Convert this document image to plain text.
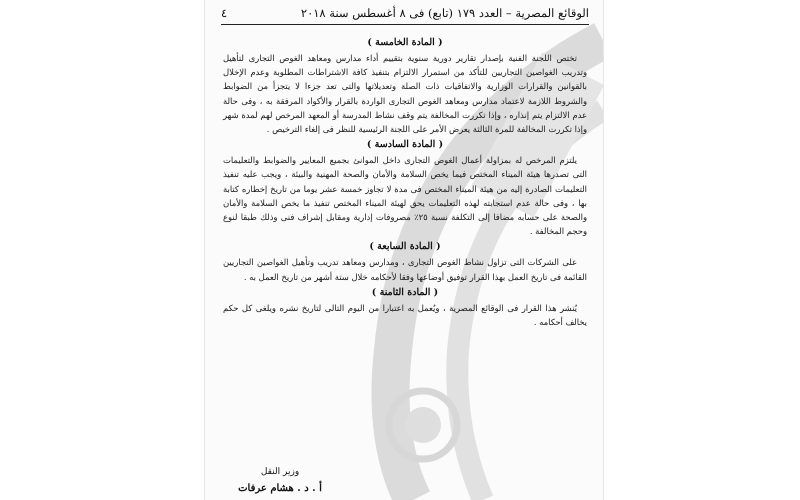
الوقائع المصرية – العدد ١٧٩ (تابع) فى ٨ أغسطس سنة ٢٠١٨
٤
( المادة الخامسة )

تختص اللجنة الفنية بإصدار تقارير دورية سنوية بتقييم أداء مدارس ومعاهد الغوص التجارى لتأهيل وتدريب الغواصين التجاريين للتأكد من استمرار الالتزام بتنفيذ كافة الاشتراطات المطلوبة وعدم الإخلال بالقوانين والقرارات الوزارية والاتفاقيات ذات الصلة وتعديلاتها والتى تعد جزءا لا يتجزأ من الضوابط والشروط اللازمة لاعتماد مدارس ومعاهد الغوص التجارى الواردة بالقرار والأكواد المرفقة به ، وفى حالة عدم الالتزام يتم إنذاره ، وإذا تكررت المخالفة يتم وقف نشاط المدرسة أو المعهد المرخص لهم لمدة شهر وإذا تكررت المخالفة للمرة الثالثة يعرض الأمر على اللجنة الرئيسية للنظر فى إلغاء الترخيص .

( المادة السادسة )

يلتزم المرخص له بمزاولة أعمال الغوص التجارى داخل الموانئ بجميع المعايير والضوابط والتعليمات التى تصدرها هيئة الميناء المختص فيما يخص السلامة والأمان والصحة المهنية والبيئة ، ويجب عليه تنفيذ التعليمات الصادرة إليه من هيئة الميناء المختص فى مدة لا تجاوز خمسة عشر يوما من تاريخ إخطاره كتابة بها ، وفى حالة عدم استجابته لهذه التعليمات يحق لهيئة الميناء المختص تنفيذ ما يخص السلامة والأمان والصحة على حسابه مضافا إلى التكلفة نسبة ٢٥٪ مصروفات إدارية ومقابل إشراف فنى وذلك طبقا لنوع وحجم المخالفة .

( المادة السابعة )

على الشركات التى تزاول نشاط الغوص التجارى ، ومدارس ومعاهد تدريب وتأهيل الغواصين التجاريين القائمة فى تاريخ العمل بهذا القرار توفيق أوضاعها وفقا لأحكامه خلال ستة أشهر من تاريخ العمل به .

( المادة الثامنة )

يُنشر هذا القرار فى الوقائع المصرية ، ويُعمل به اعتبارا من اليوم التالى لتاريخ نشره ويلغى كل حكم يخالف أحكامه .

وزير النقل
أ . د . هشام عرفات
